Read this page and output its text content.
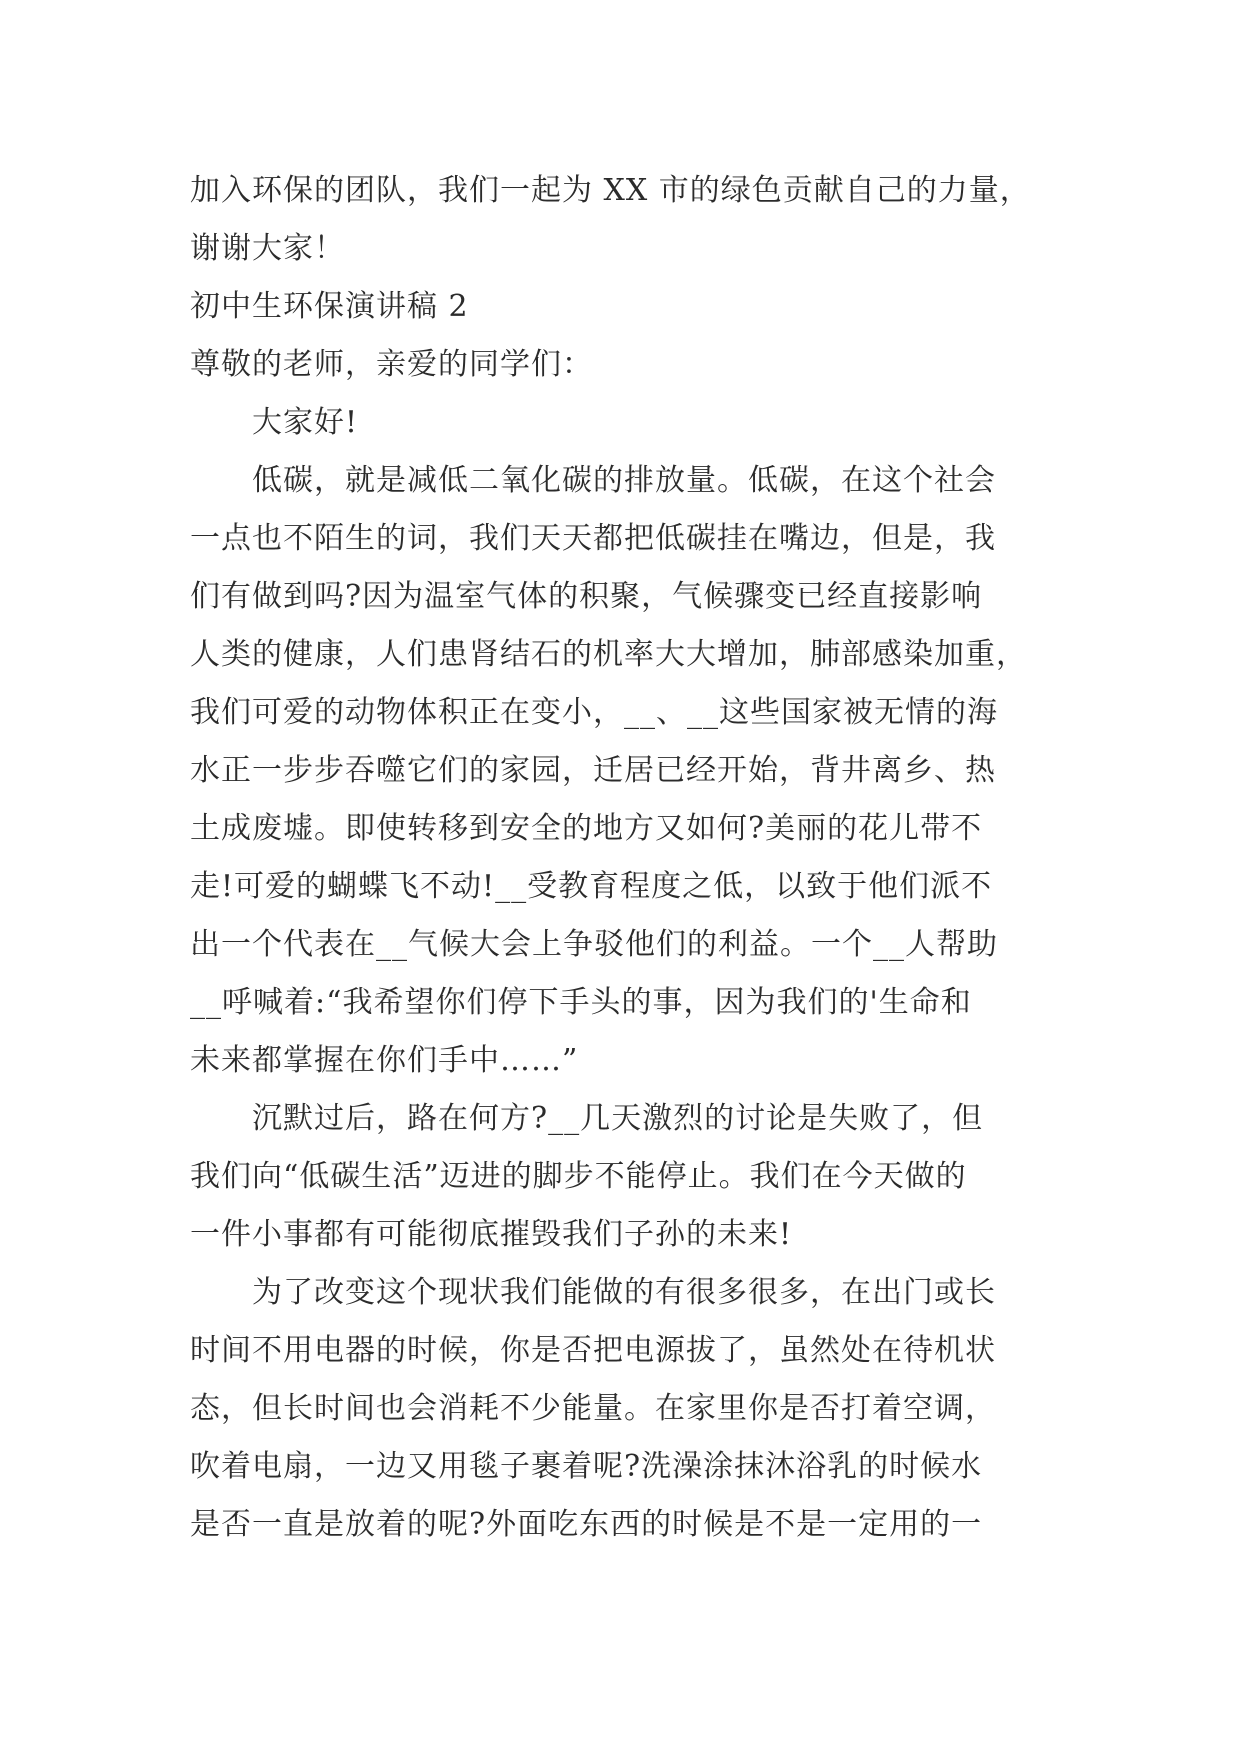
加入环保的团队，我们一起为 XX 市的绿色贡献自己的力量，

谢谢大家！

初中生环保演讲稿 2

尊敬的老师，亲爱的同学们：

大家好!

低碳，就是减低二氧化碳的排放量。低碳，在这个社会

一点也不陌生的词，我们天天都把低碳挂在嘴边，但是，我

们有做到吗?因为温室气体的积聚，气候骤变已经直接影响

人类的健康，人们患肾结石的机率大大增加，肺部感染加重，

我们可爱的动物体积正在变小，__、__这些国家被无情的海

水正一步步吞噬它们的家园，迁居已经开始，背井离乡、热

土成废墟。即使转移到安全的地方又如何?美丽的花儿带不

走!可爱的蝴蝶飞不动!__受教育程度之低，以致于他们派不

出一个代表在__气候大会上争驳他们的利益。一个__人帮助

__呼喊着:“我希望你们停下手头的事，因为我们的'生命和

未来都掌握在你们手中……”

沉默过后，路在何方?__几天激烈的讨论是失败了，但

我们向“低碳生活”迈进的脚步不能停止。我们在今天做的

一件小事都有可能彻底摧毁我们子孙的未来!

为了改变这个现状我们能做的有很多很多，在出门或长

时间不用电器的时候，你是否把电源拔了，虽然处在待机状

态，但长时间也会消耗不少能量。在家里你是否打着空调，

吹着电扇，一边又用毯子裹着呢?洗澡涂抹沐浴乳的时候水

是否一直是放着的呢?外面吃东西的时候是不是一定用的一
